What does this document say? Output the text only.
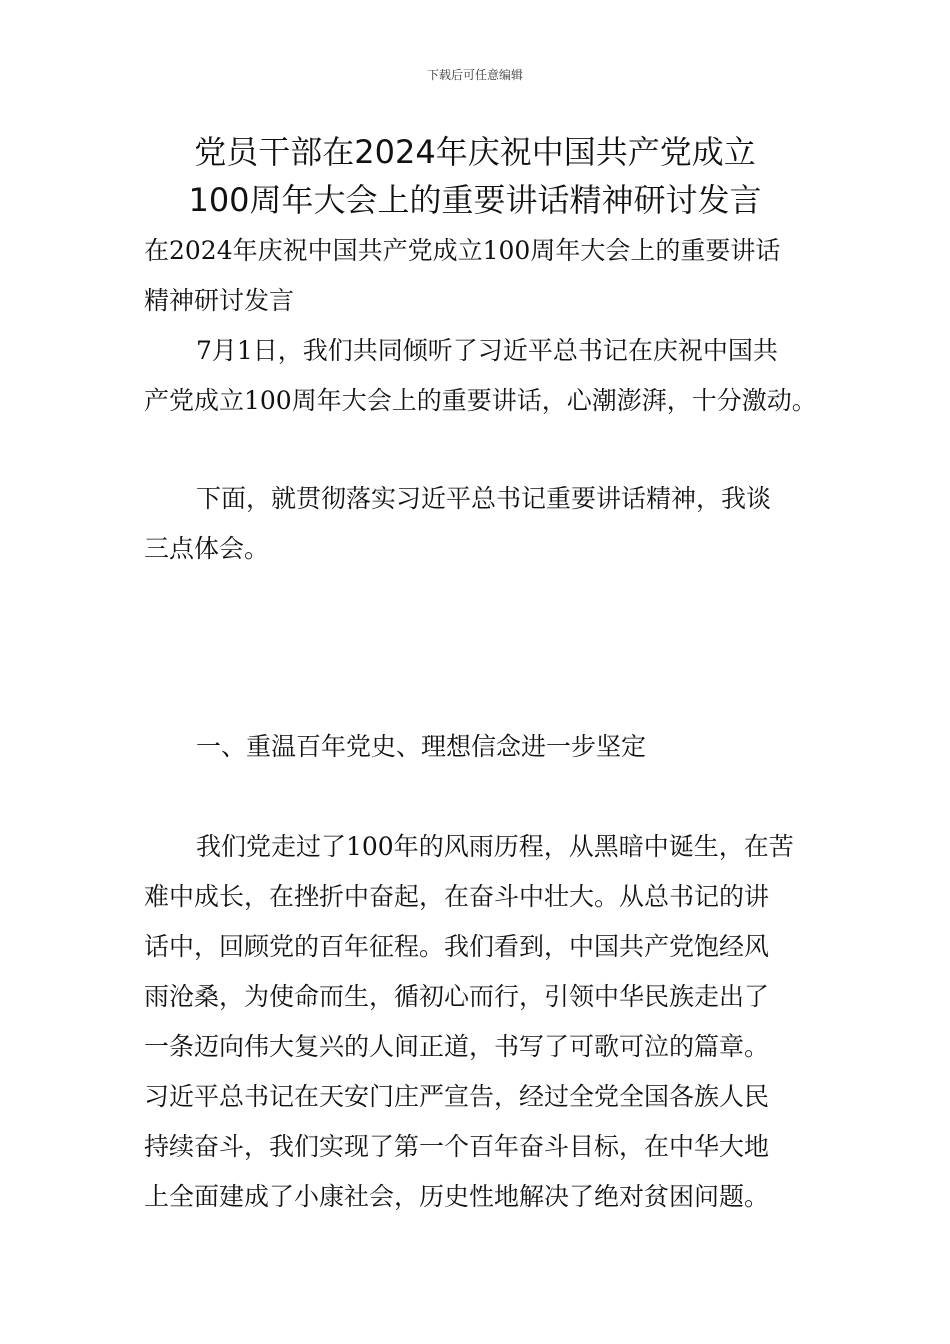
下载后可任意编辑
党员干部在2024年庆祝中国共产党成立
100周年大会上的重要讲话精神研讨发言
在2024年庆祝中国共产党成立100周年大会上的重要讲话
精神研讨发言
7月1日，我们共同倾听了习近平总书记在庆祝中国共
产党成立100周年大会上的重要讲话，心潮澎湃，十分激动。
下面，就贯彻落实习近平总书记重要讲话精神，我谈
三点体会。
一、重温百年党史、理想信念进一步坚定
我们党走过了100年的风雨历程，从黑暗中诞生，在苦
难中成长，在挫折中奋起，在奋斗中壮大。从总书记的讲
话中，回顾党的百年征程。我们看到，中国共产党饱经风
雨沧桑，为使命而生，循初心而行，引领中华民族走出了
一条迈向伟大复兴的人间正道，书写了可歌可泣的篇章。
习近平总书记在天安门庄严宣告，经过全党全国各族人民
持续奋斗，我们实现了第一个百年奋斗目标，在中华大地
上全面建成了小康社会，历史性地解决了绝对贫困问题。
